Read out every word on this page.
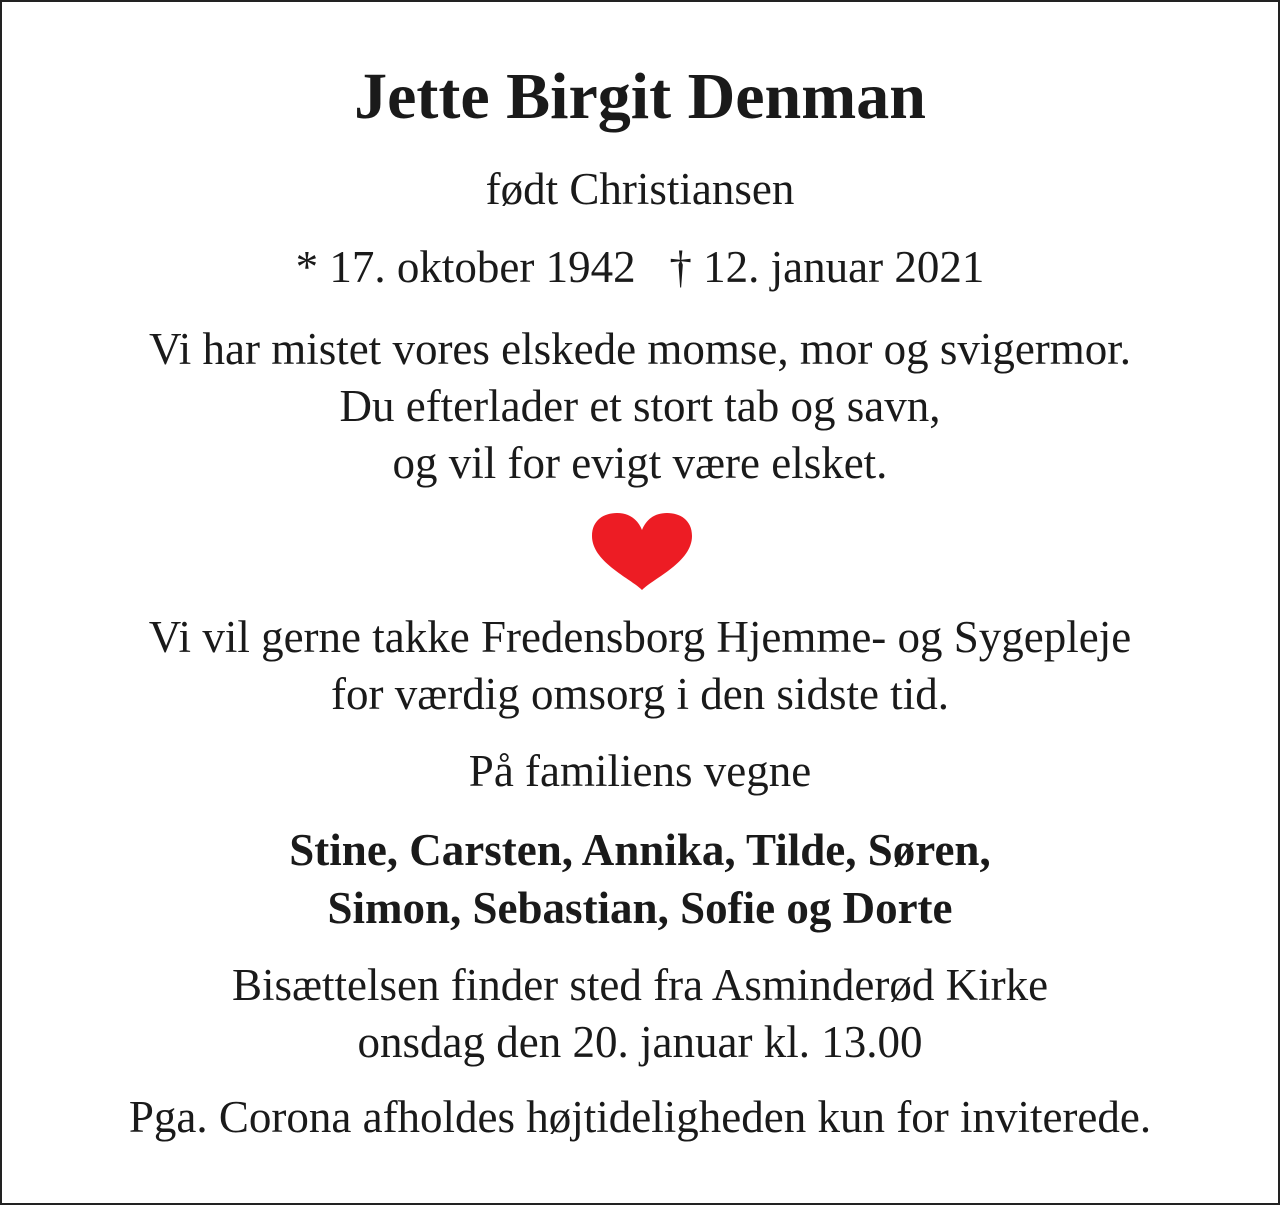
Jette Birgit Denman
født Christiansen
* 17. oktober 1942   † 12. januar 2021
Vi har mistet vores elskede momse, mor og svigermor.
Du efterlader et stort tab og savn,
og vil for evigt være elsket.
Vi vil gerne takke Fredensborg Hjemme- og Sygepleje
for værdig omsorg i den sidste tid.
På familiens vegne
Stine, Carsten, Annika, Tilde, Søren,
Simon, Sebastian, Sofie og Dorte
Bisættelsen finder sted fra Asminderød Kirke
onsdag den 20. januar kl. 13.00
Pga. Corona afholdes højtideligheden kun for inviterede.
